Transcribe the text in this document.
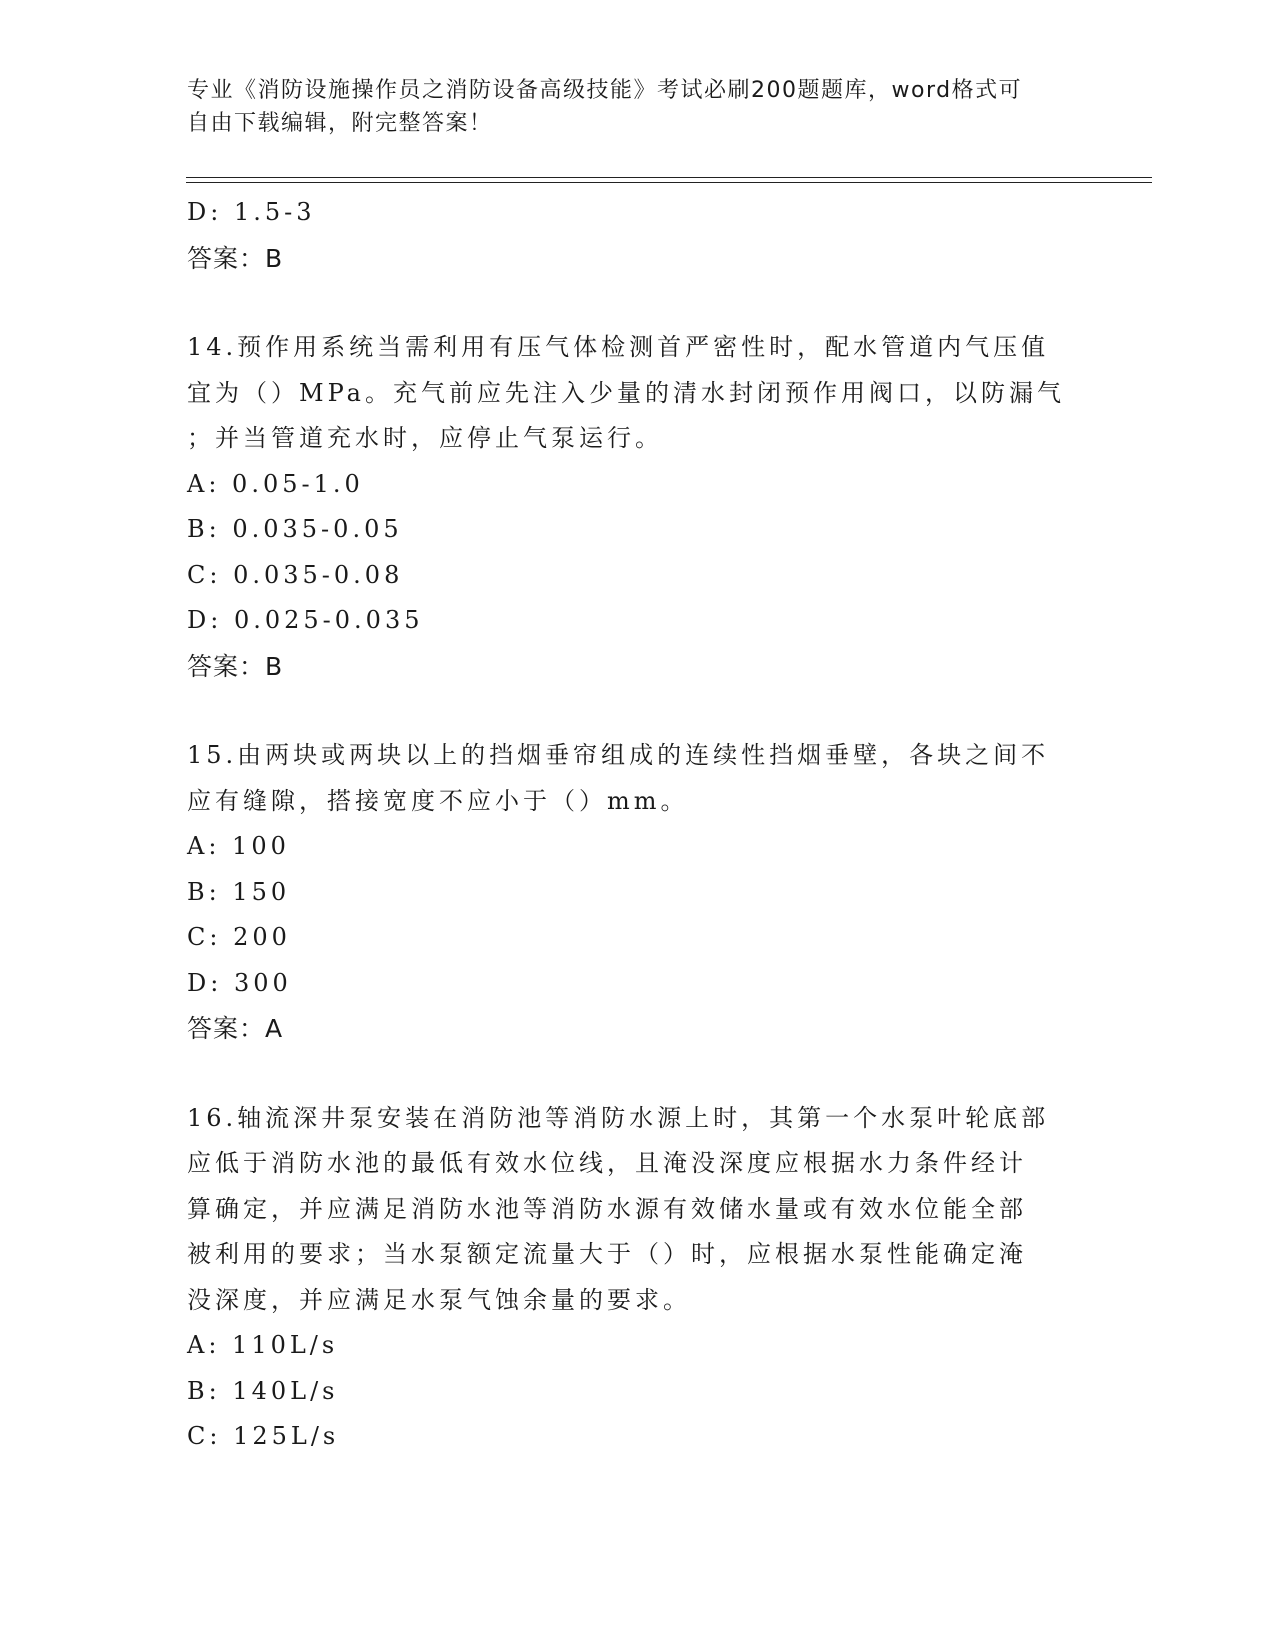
专业《消防设施操作员之消防设备高级技能》考试必刷200题题库，word格式可
自由下载编辑，附完整答案！
D: 1.5-3
答案：B
14.预作用系统当需利用有压气体检测首严密性时，配水管道内气压值
宜为（）MPa。充气前应先注入少量的清水封闭预作用阀口，以防漏气
；并当管道充水时，应停止气泵运行。
A: 0.05-1.0
B: 0.035-0.05
C: 0.035-0.08
D: 0.025-0.035
答案：B
15.由两块或两块以上的挡烟垂帘组成的连续性挡烟垂壁，各块之间不
应有缝隙，搭接宽度不应小于（）mm。
A: 100
B: 150
C: 200
D: 300
答案：A
16.轴流深井泵安装在消防池等消防水源上时，其第一个水泵叶轮底部
应低于消防水池的最低有效水位线，且淹没深度应根据水力条件经计
算确定，并应满足消防水池等消防水源有效储水量或有效水位能全部
被利用的要求；当水泵额定流量大于（）时，应根据水泵性能确定淹
没深度，并应满足水泵气蚀余量的要求。
A: 110L/s
B: 140L/s
C: 125L/s
